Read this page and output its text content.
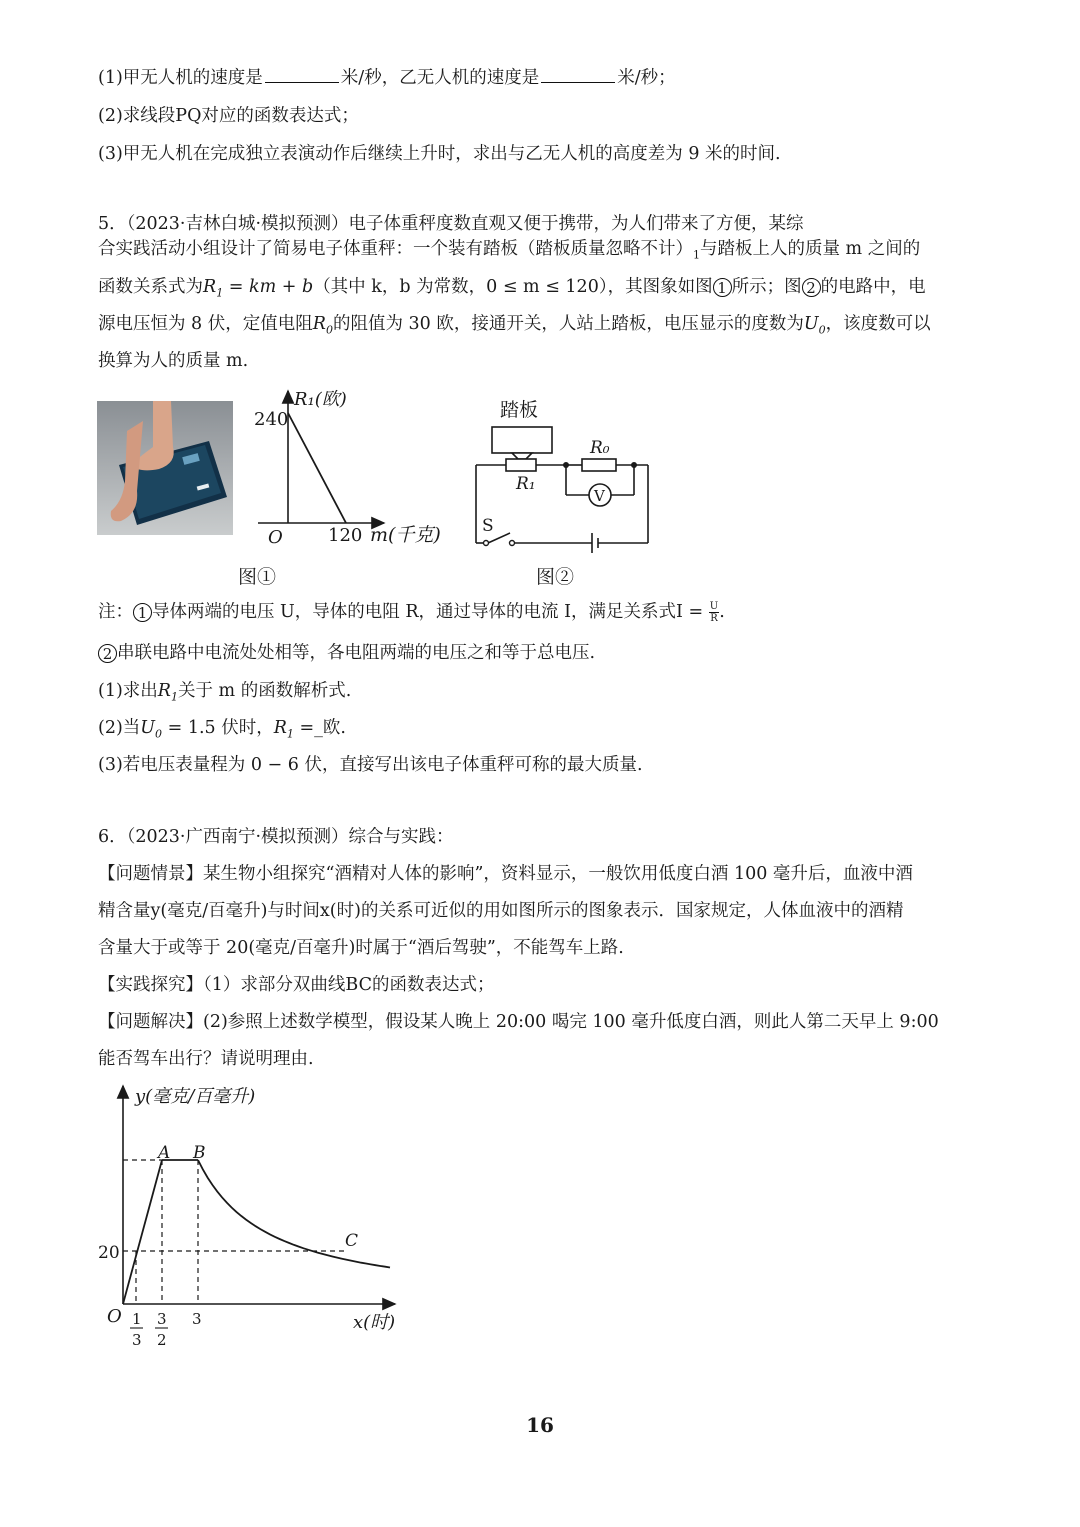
(1)甲无人机的速度是	米/秒，乙无人机的速度是	米/秒；
(2)求线段PQ对应的函数表达式；
(3)甲无人机在完成独立表演动作后继续上升时，求出与乙无人机的高度差为 9 米的时间.
5．（2023·吉林白城·模拟预测）电子体重秤度数直观又便于携带，为人们带来了方便，某综
合实践活动小组设计了简易电子体重秤：一个装有踏板（踏板质量忽略不计）$_1$与踏板上人的质量 m 之间的
函数关系式为$R_1$ = km + b（其中 k，b 为常数，0 ≤ m ≤ 120），其图象如图 1 所示；图 2 的电路中，电
源电压恒为 8 伏，定值电阻$R_0$的阻值为 30 欧，接通开关，人站上踏板，电压显示的度数为$U_0$，该度数可以
换算为人的质量 m.
R₁(欧)
240
120 m(千克)
O
图①
踏板
R₀
R₁
V
S
图②
注： 1 导体两端的电压 U，导体的电阻 R，通过导体的电流 I，满足关系式$I = \frac{U}{R}$ .
2 串联电路中电流处处相等，各电阻两端的电压之和等于总电压.
(1)求出$R_1$关于 m 的函数解析式.
(2)当$U_0 = 1.5$ 伏时，$R_1$ =_欧.
(3)若电压表量程为 0 − 6 伏，直接写出该电子体重秤可称的最大质量.
6．（2023·广西南宁·模拟预测）综合与实践：
【问题情景】某生物小组探究“酒精对人体的影响”，资料显示，一般饮用低度白酒 100 毫升后，血液中酒
精含量y(毫克/百毫升)与时间x(时)的关系可近似的用如图所示的图象表示．国家规定，人体血液中的酒精
含量大于或等于 20(毫克/百毫升)时属于“酒后驾驶”，不能驾车上路.
【实践探究】（1）求部分双曲线BC的函数表达式；
【问题解决】(2)参照上述数学模型，假设某人晚上 20:00 喝完 100 毫升低度白酒，则此人第二天早上 9:00
能否驾车出行？请说明理由.
y(毫克/百毫升)
x(时)
O
20
A B
C
1
3
3
2
3
16
